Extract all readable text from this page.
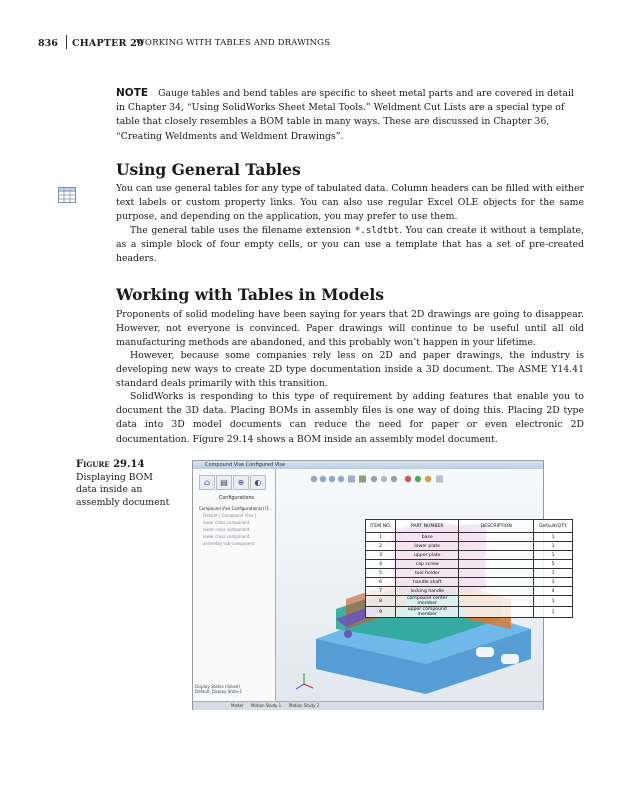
836 CHAPTER 29
WORKING WITH TABLES AND DRAWINGS
NOTE Gauge tables and bend tables are specific to sheet metal parts and are covered in detail in Chapter 34, “Using SolidWorks Sheet Metal Tools.” Weldment Cut Lists are a special type of table that closely resembles a BOM table in many ways. These are discussed in Chapter 36, “Creating Weldments and Weldment Drawings”.
Using General Tables

You can use general tables for any type of tabulated data. Column headers can be filled with either text labels or custom property links. You can also use regular Excel OLE objects for the same purpose, and depending on the application, you may prefer to use them.

The general table uses the filename extension *.sldtbt. You can create it without a template, as a simple block of four empty cells, or you can use a template that has a set of pre-created headers.

Working with Tables in Models

Proponents of solid modeling have been saying for years that 2D drawings are going to disappear. However, not everyone is convinced. Paper drawings will continue to be useful until all old manufacturing methods are abandoned, and this probably won’t happen in your lifetime.

However, because some companies rely less on 2D and paper drawings, the industry is developing new ways to create 2D type documentation inside a 3D document. The ASME Y14.41 standard deals primarily with this transition.

SolidWorks is responding to this type of requirement by adding features that enable you to document the 3D data. Placing BOMs in assembly files is one way of doing this. Placing 2D type data into 3D model documents can reduce the need for paper or even electronic 2D documentation. Figure 29.14 shows a BOM inside an assembly model document.

Figure 29.14
Displaying BOM data inside an assembly document
Compound Vise Configured Vise
⌂	▤	⊕	◐
Configurations
Compound Vise Configuration(s) [F...
Default [ Compound Vise ]
lower cross component
lower cross component
lower cross component
assembly sub-component
Display States (linked)
Default_Display State-1
ITEM NO.	PART NUMBER	DESCRIPTION	Default/QTY.
1	base		1
2	lower plate		1
3	upper plate		1
4	cap screw		5
5	tool holder		1
6	handle shaft		1
7	locking handle		4
8	compound center member		1
9	upper compound member		1
Model Motion Study 1 Motion Study 2
